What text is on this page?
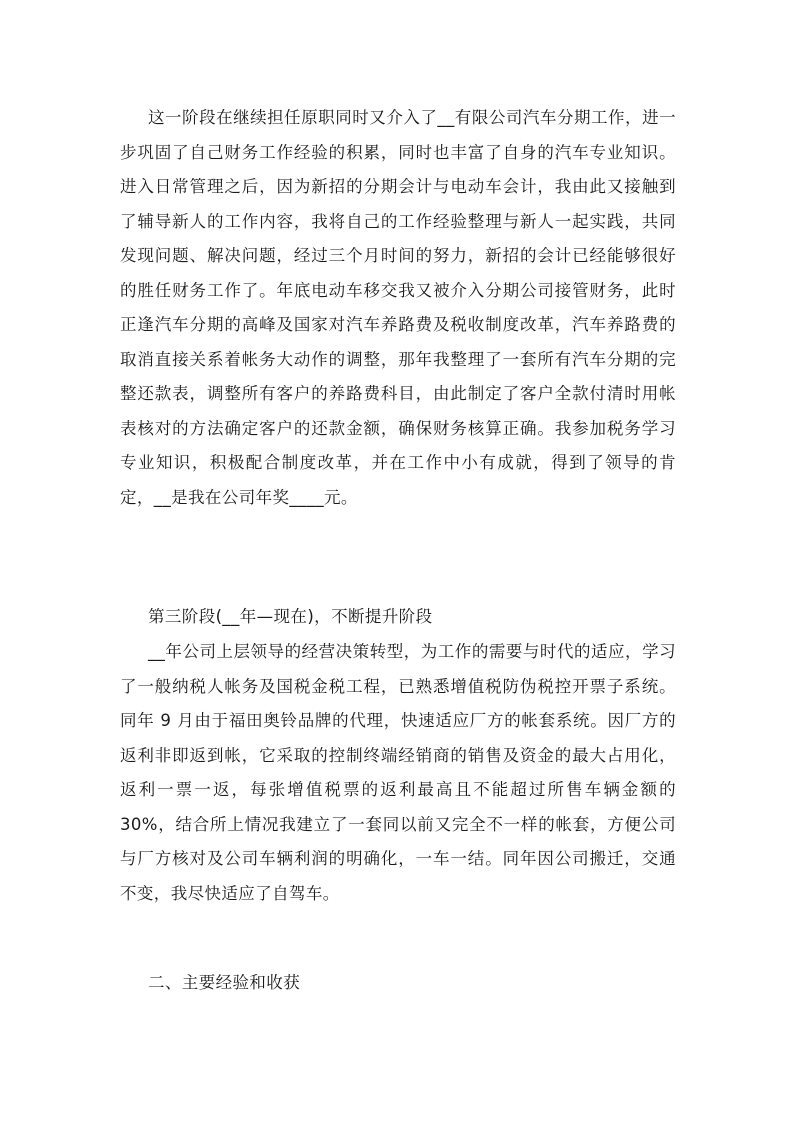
这一阶段在继续担任原职同时又介入了__有限公司汽车分期工作，进一步巩固了自己财务工作经验的积累，同时也丰富了自身的汽车专业知识。进入日常管理之后，因为新招的分期会计与电动车会计，我由此又接触到了辅导新人的工作内容，我将自己的工作经验整理与新人一起实践，共同发现问题、解决问题，经过三个月时间的努力，新招的会计已经能够很好的胜任财务工作了。年底电动车移交我又被介入分期公司接管财务，此时正逢汽车分期的高峰及国家对汽车养路费及税收制度改革，汽车养路费的取消直接关系着帐务大动作的调整，那年我整理了一套所有汽车分期的完整还款表，调整所有客户的养路费科目，由此制定了客户全款付清时用帐表核对的方法确定客户的还款金额，确保财务核算正确。我参加税务学习专业知识，积极配合制度改革，并在工作中小有成就，得到了领导的肯定，__是我在公司年奖____元。

第三阶段(__年—现在)，不断提升阶段

__年公司上层领导的经营决策转型，为工作的需要与时代的适应，学习了一般纳税人帐务及国税金税工程，已熟悉增值税防伪税控开票子系统。同年 9 月由于福田奥铃品牌的代理，快速适应厂方的帐套系统。因厂方的返利非即返到帐，它采取的控制终端经销商的销售及资金的最大占用化，返利一票一返，每张增值税票的返利最高且不能超过所售车辆金额的 30%，结合所上情况我建立了一套同以前又完全不一样的帐套，方便公司与厂方核对及公司车辆利润的明确化，一车一结。同年因公司搬迁，交通不变，我尽快适应了自驾车。

二、主要经验和收获
